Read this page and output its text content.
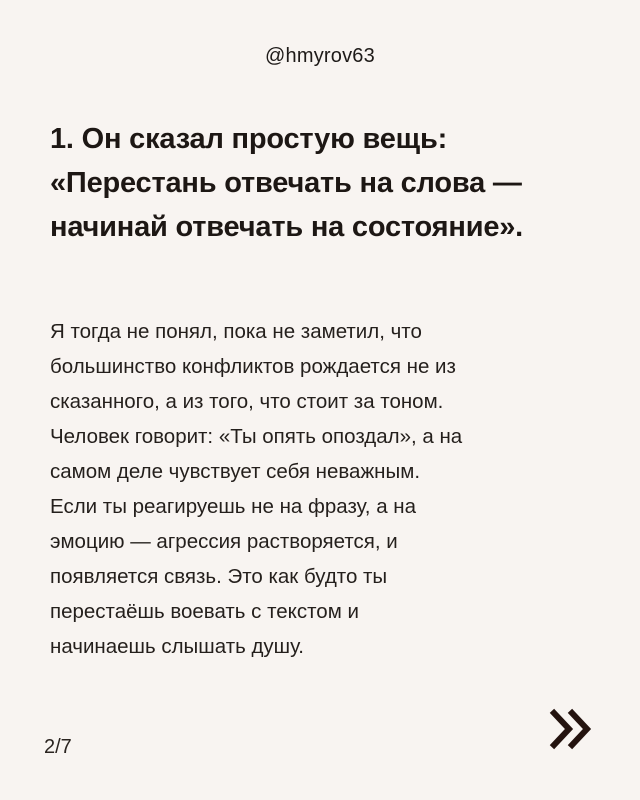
@hmyrov63
1. Он сказал простую вещь:
«Перестань отвечать на слова —
начинай отвечать на состояние».

Я тогда не понял, пока не заметил, что
большинство конфликтов рождается не из
сказанного, а из того, что стоит за тоном.
Человек говорит: «Ты опять опоздал», а на
самом деле чувствует себя неважным.
Если ты реагируешь не на фразу, а на
эмоцию — агрессия растворяется, и
появляется связь. Это как будто ты
перестаёшь воевать с текстом и
начинаешь слышать душу.

2/7
